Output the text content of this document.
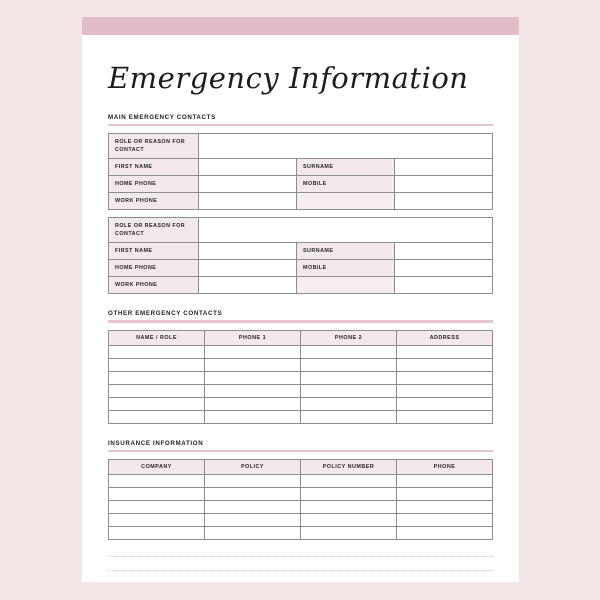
Emergency Information
MAIN EMERGENCY CONTACTS
ROLE OR REASON FOR CONTACT			
FIRST NAME		SURNAME	
HOME PHONE		MOBILE	
WORK PHONE			
ROLE OR REASON FOR CONTACT			
FIRST NAME		SURNAME	
HOME PHONE		MOBILE	
WORK PHONE			
OTHER EMERGENCY CONTACTS
NAME / ROLE	PHONE 1	PHONE 2	ADDRESS

INSURANCE INFORMATION
COMPANY	POLICY	POLICY NUMBER	PHONE
